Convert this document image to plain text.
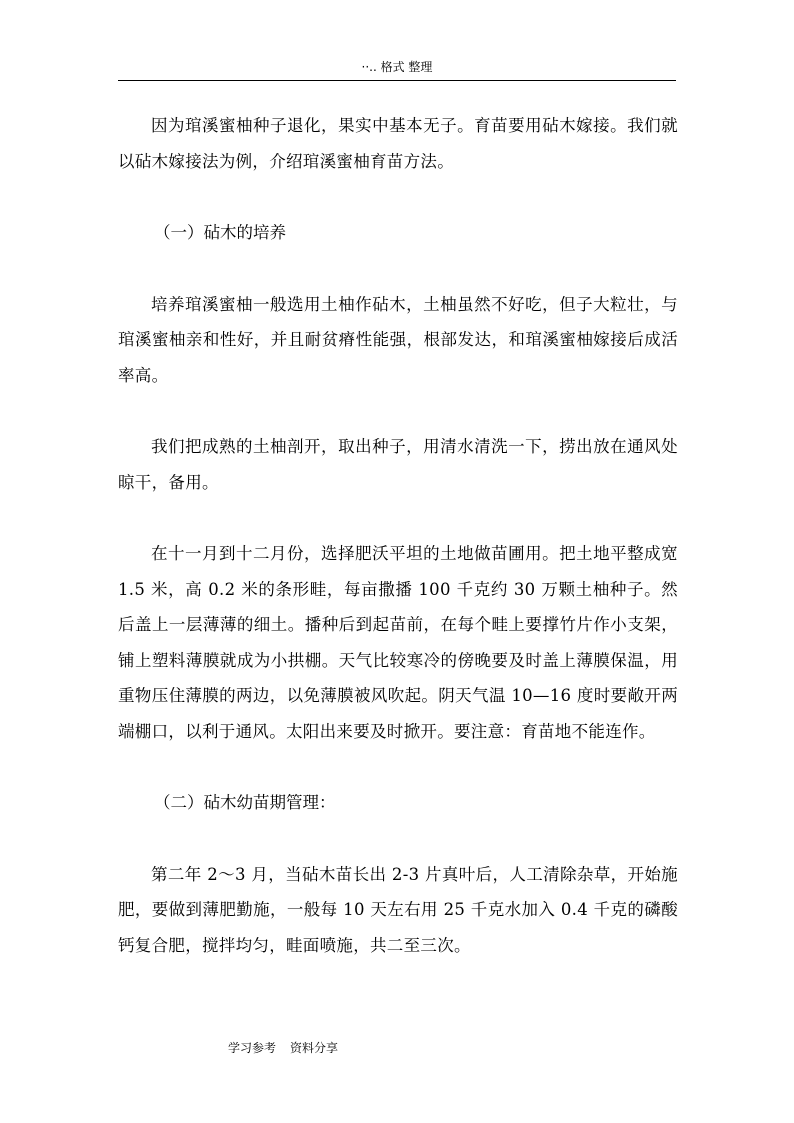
··.. 格式 整理

因为琯溪蜜柚种子退化，果实中基本无子。育苗要用砧木嫁接。我们就以砧木嫁接法为例，介绍琯溪蜜柚育苗方法。

（一）砧木的培养

培养琯溪蜜柚一般选用土柚作砧木，土柚虽然不好吃，但子大粒壮，与琯溪蜜柚亲和性好，并且耐贫瘠性能强，根部发达，和琯溪蜜柚嫁接后成活率高。

我们把成熟的土柚剖开，取出种子，用清水清洗一下，捞出放在通风处晾干，备用。

在十一月到十二月份，选择肥沃平坦的土地做苗圃用。把土地平整成宽 1.5 米，高 0.2 米的条形畦，每亩撒播 100 千克约 30 万颗土柚种子。然后盖上一层薄薄的细土。播种后到起苗前，在每个畦上要撑竹片作小支架，铺上塑料薄膜就成为小拱棚。天气比较寒冷的傍晚要及时盖上薄膜保温，用重物压住薄膜的两边，以免薄膜被风吹起。阴天气温 10—16 度时要敞开两端棚口，以利于通风。太阳出来要及时掀开。要注意：育苗地不能连作。

（二）砧木幼苗期管理：

第二年 2～3 月，当砧木苗长出 2-3 片真叶后，人工清除杂草，开始施肥，要做到薄肥勤施，一般每 10 天左右用 25 千克水加入 0.4 千克的磷酸钙复合肥，搅拌均匀，畦面喷施，共二至三次。

学习参考 资料分享
